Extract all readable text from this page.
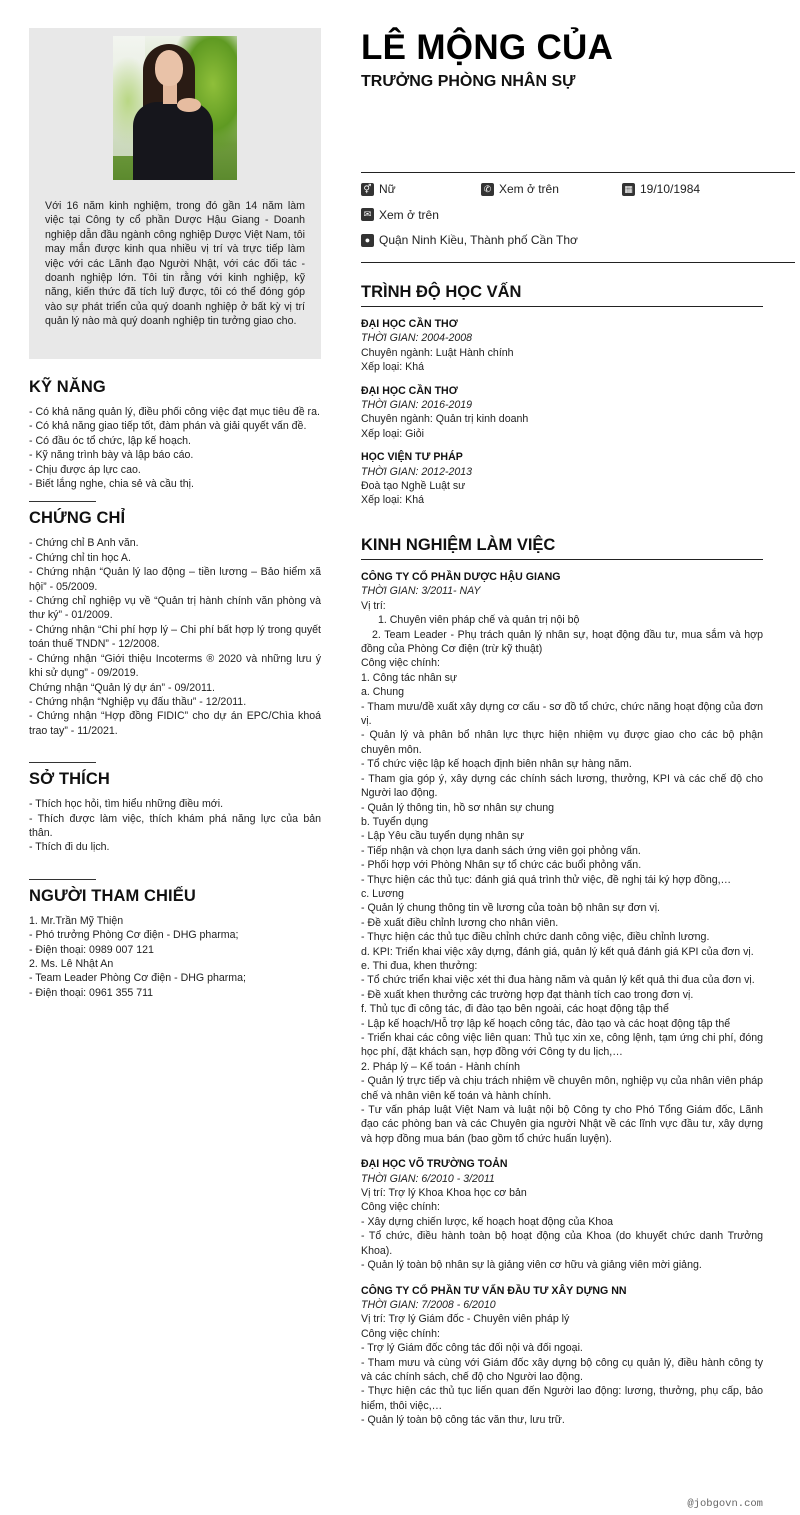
Với 16 năm kinh nghiệm, trong đó gần 14 năm làm việc tại Công ty cổ phần Dược Hậu Giang - Doanh nghiệp dẫn đầu ngành công nghiệp Dược Việt Nam, tôi may mắn được kinh qua nhiều vị trí và trực tiếp làm việc với các Lãnh đạo Người Nhật, với các đối tác - doanh nghiệp lớn. Tôi tin rằng với kinh nghiệp, kỹ năng, kiến thức đã tích luỹ được, tôi có thể đóng góp vào sự phát triển của quý doanh nghiệp ở bất kỳ vị trí quản lý nào mà quý doanh nghiệp tin tưởng giao cho.
KỸ NĂNG
- Có khả năng quản lý, điều phối công việc đạt mục tiêu đề ra.
- Có khả năng giao tiếp tốt, đàm phán và giải quyết vấn đề.
- Có đầu óc tổ chức, lập kế hoạch.
- Kỹ năng trình bày và lập báo cáo.
- Chịu được áp lực cao.
- Biết lắng nghe, chia sẻ và cầu thị.
CHỨNG CHỈ
- Chứng chỉ B Anh văn.
- Chứng chỉ tin học A.
- Chứng nhận “Quản lý lao động – tiền lương – Bảo hiểm xã hội” - 05/2009.
- Chứng chỉ nghiệp vụ về “Quản trị hành chính văn phòng và thư ký” - 01/2009.
- Chứng nhận “Chi phí hợp lý – Chi phí bất hợp lý trong quyết toán thuế TNDN” - 12/2008.
- Chứng nhận “Giới thiệu Incoterms ® 2020 và những lưu ý khi sử dụng” - 09/2019.
Chứng nhận “Quản lý dự án” - 09/2011.
- Chứng nhận “Nghiệp vụ đấu thầu” - 12/2011.
- Chứng nhận “Hợp đồng FIDIC” cho dự án EPC/Chìa khoá trao tay” - 11/2021.
SỞ THÍCH
- Thích học hỏi, tìm hiểu những điều mới.
- Thích được làm việc, thích khám phá năng lực của bản thân.
- Thích đi du lịch.
NGƯỜI THAM CHIẾU
1. Mr.Trần Mỹ Thiện
- Phó trưởng Phòng Cơ điện - DHG pharma;
- Điện thoại: 0989 007 121
2. Ms. Lê Nhật An
- Team Leader Phòng Cơ điện - DHG pharma;
- Điện thoại: 0961 355 711
LÊ MỘNG CỦA
TRƯỞNG PHÒNG NHÂN SỰ
⚥ Nữ	✆ Xem ở trên	▦ 19/10/1984
✉ Xem ở trên
● Quận Ninh Kiều, Thành phố Cần Thơ
TRÌNH ĐỘ HỌC VẤN
ĐẠI HỌC CẦN THƠ
THỜI GIAN: 2004-2008
Chuyên ngành: Luật Hành chính
Xếp loại: Khá
ĐẠI HỌC CẦN THƠ
THỜI GIAN: 2016-2019
Chuyên ngành: Quản trị kinh doanh
Xếp loại: Giỏi
HỌC VIỆN TƯ PHÁP
THỜI GIAN: 2012-2013
Đoà tạo Nghề Luật sư
Xếp loại: Khá
KINH NGHIỆM LÀM VIỆC
CÔNG TY CỔ PHẦN DƯỢC HẬU GIANG
THỜI GIAN: 3/2011- NAY
Vị trí:
1. Chuyên viên pháp chế và quản trị nội bộ
2. Team Leader - Phụ trách quản lý nhân sự, hoạt động đầu tư, mua sắm và hợp đồng của Phòng Cơ điện (trừ kỹ thuật)
Công việc chính:
1. Công tác nhân sự
a. Chung
- Tham mưu/đề xuất xây dựng cơ cấu - sơ đồ tổ chức, chức năng hoạt động của đơn vị.
- Quản lý và phân bổ nhân lực thực hiện nhiệm vụ được giao cho các bộ phận chuyên môn.
- Tổ chức việc lập kế hoạch định biên nhân sự hàng năm.
- Tham gia góp ý, xây dựng các chính sách lương, thưởng, KPI và các chế độ cho Người lao động.
- Quản lý thông tin, hồ sơ nhân sự chung
b. Tuyển dụng
- Lập Yêu cầu tuyển dụng nhân sự
- Tiếp nhận và chọn lựa danh sách ứng viên gọi phỏng vấn.
- Phối hợp với Phòng Nhân sự tổ chức các buổi phỏng vấn.
- Thực hiện các thủ tục: đánh giá quá trình thử việc, đề nghị tái ký hợp đồng,…
c. Lương
- Quản lý chung thông tin về lương của toàn bộ nhân sự đơn vị.
- Đề xuất điều chỉnh lương cho nhân viên.
- Thực hiện các thủ tục điều chỉnh chức danh công việc, điều chỉnh lương.
d. KPI: Triển khai việc xây dựng, đánh giá, quản lý kết quả đánh giá KPI của đơn vị.
e. Thi đua, khen thưởng:
- Tổ chức triển khai việc xét thi đua hàng năm và quản lý kết quả thi đua của đơn vị.
- Đề xuất khen thưởng các trường hợp đạt thành tích cao trong đơn vị.
f. Thủ tục đi công tác, đi đào tạo bên ngoài, các hoạt động tập thể
- Lập kế hoạch/Hỗ trợ lập kế hoạch công tác, đào tạo và các hoạt động tập thể
- Triển khai các công việc liên quan: Thủ tục xin xe, công lệnh, tạm ứng chi phí, đóng học phí, đặt khách sạn, hợp đồng với Công ty du lịch,…
2. Pháp lý – Kế toán - Hành chính
- Quản lý trực tiếp và chịu trách nhiệm về chuyên môn, nghiệp vụ của nhân viên pháp chế và nhân viên kế toán và hành chính.
- Tư vấn pháp luật Việt Nam và luật nội bộ Công ty cho Phó Tổng Giám đốc, Lãnh đạo các phòng ban và các Chuyên gia người Nhật về các lĩnh vực đầu tư, xây dựng và hợp đồng mua bán (bao gồm tổ chức huấn luyện).
ĐẠI HỌC VÕ TRƯỜNG TOẢN
THỜI GIAN: 6/2010 - 3/2011
Vị trí: Trợ lý Khoa Khoa học cơ bản
Công việc chính:
- Xây dựng chiến lược, kế hoạch hoạt động của Khoa
- Tổ chức, điều hành toàn bộ hoạt động của Khoa (do khuyết chức danh Trưởng Khoa).
- Quản lý toàn bộ nhân sự là giảng viên cơ hữu và giảng viên mời giảng.
CÔNG TY CỔ PHẦN TƯ VẤN ĐẦU TƯ XÂY DỰNG NN
THỜI GIAN: 7/2008 - 6/2010
Vị trí: Trợ lý Giám đốc - Chuyên viên pháp lý
Công việc chính:
- Trợ lý Giám đốc công tác đối nội và đối ngoại.
- Tham mưu và cùng với Giám đốc xây dựng bộ công cụ quản lý, điều hành công ty và các chính sách, chế độ cho Người lao động.
- Thực hiện các thủ tục liến quan đến Người lao động: lương, thưởng, phụ cấp, bảo hiểm, thôi việc,…
- Quản lý toàn bộ công tác văn thư, lưu trữ.
@jobgovn.com
